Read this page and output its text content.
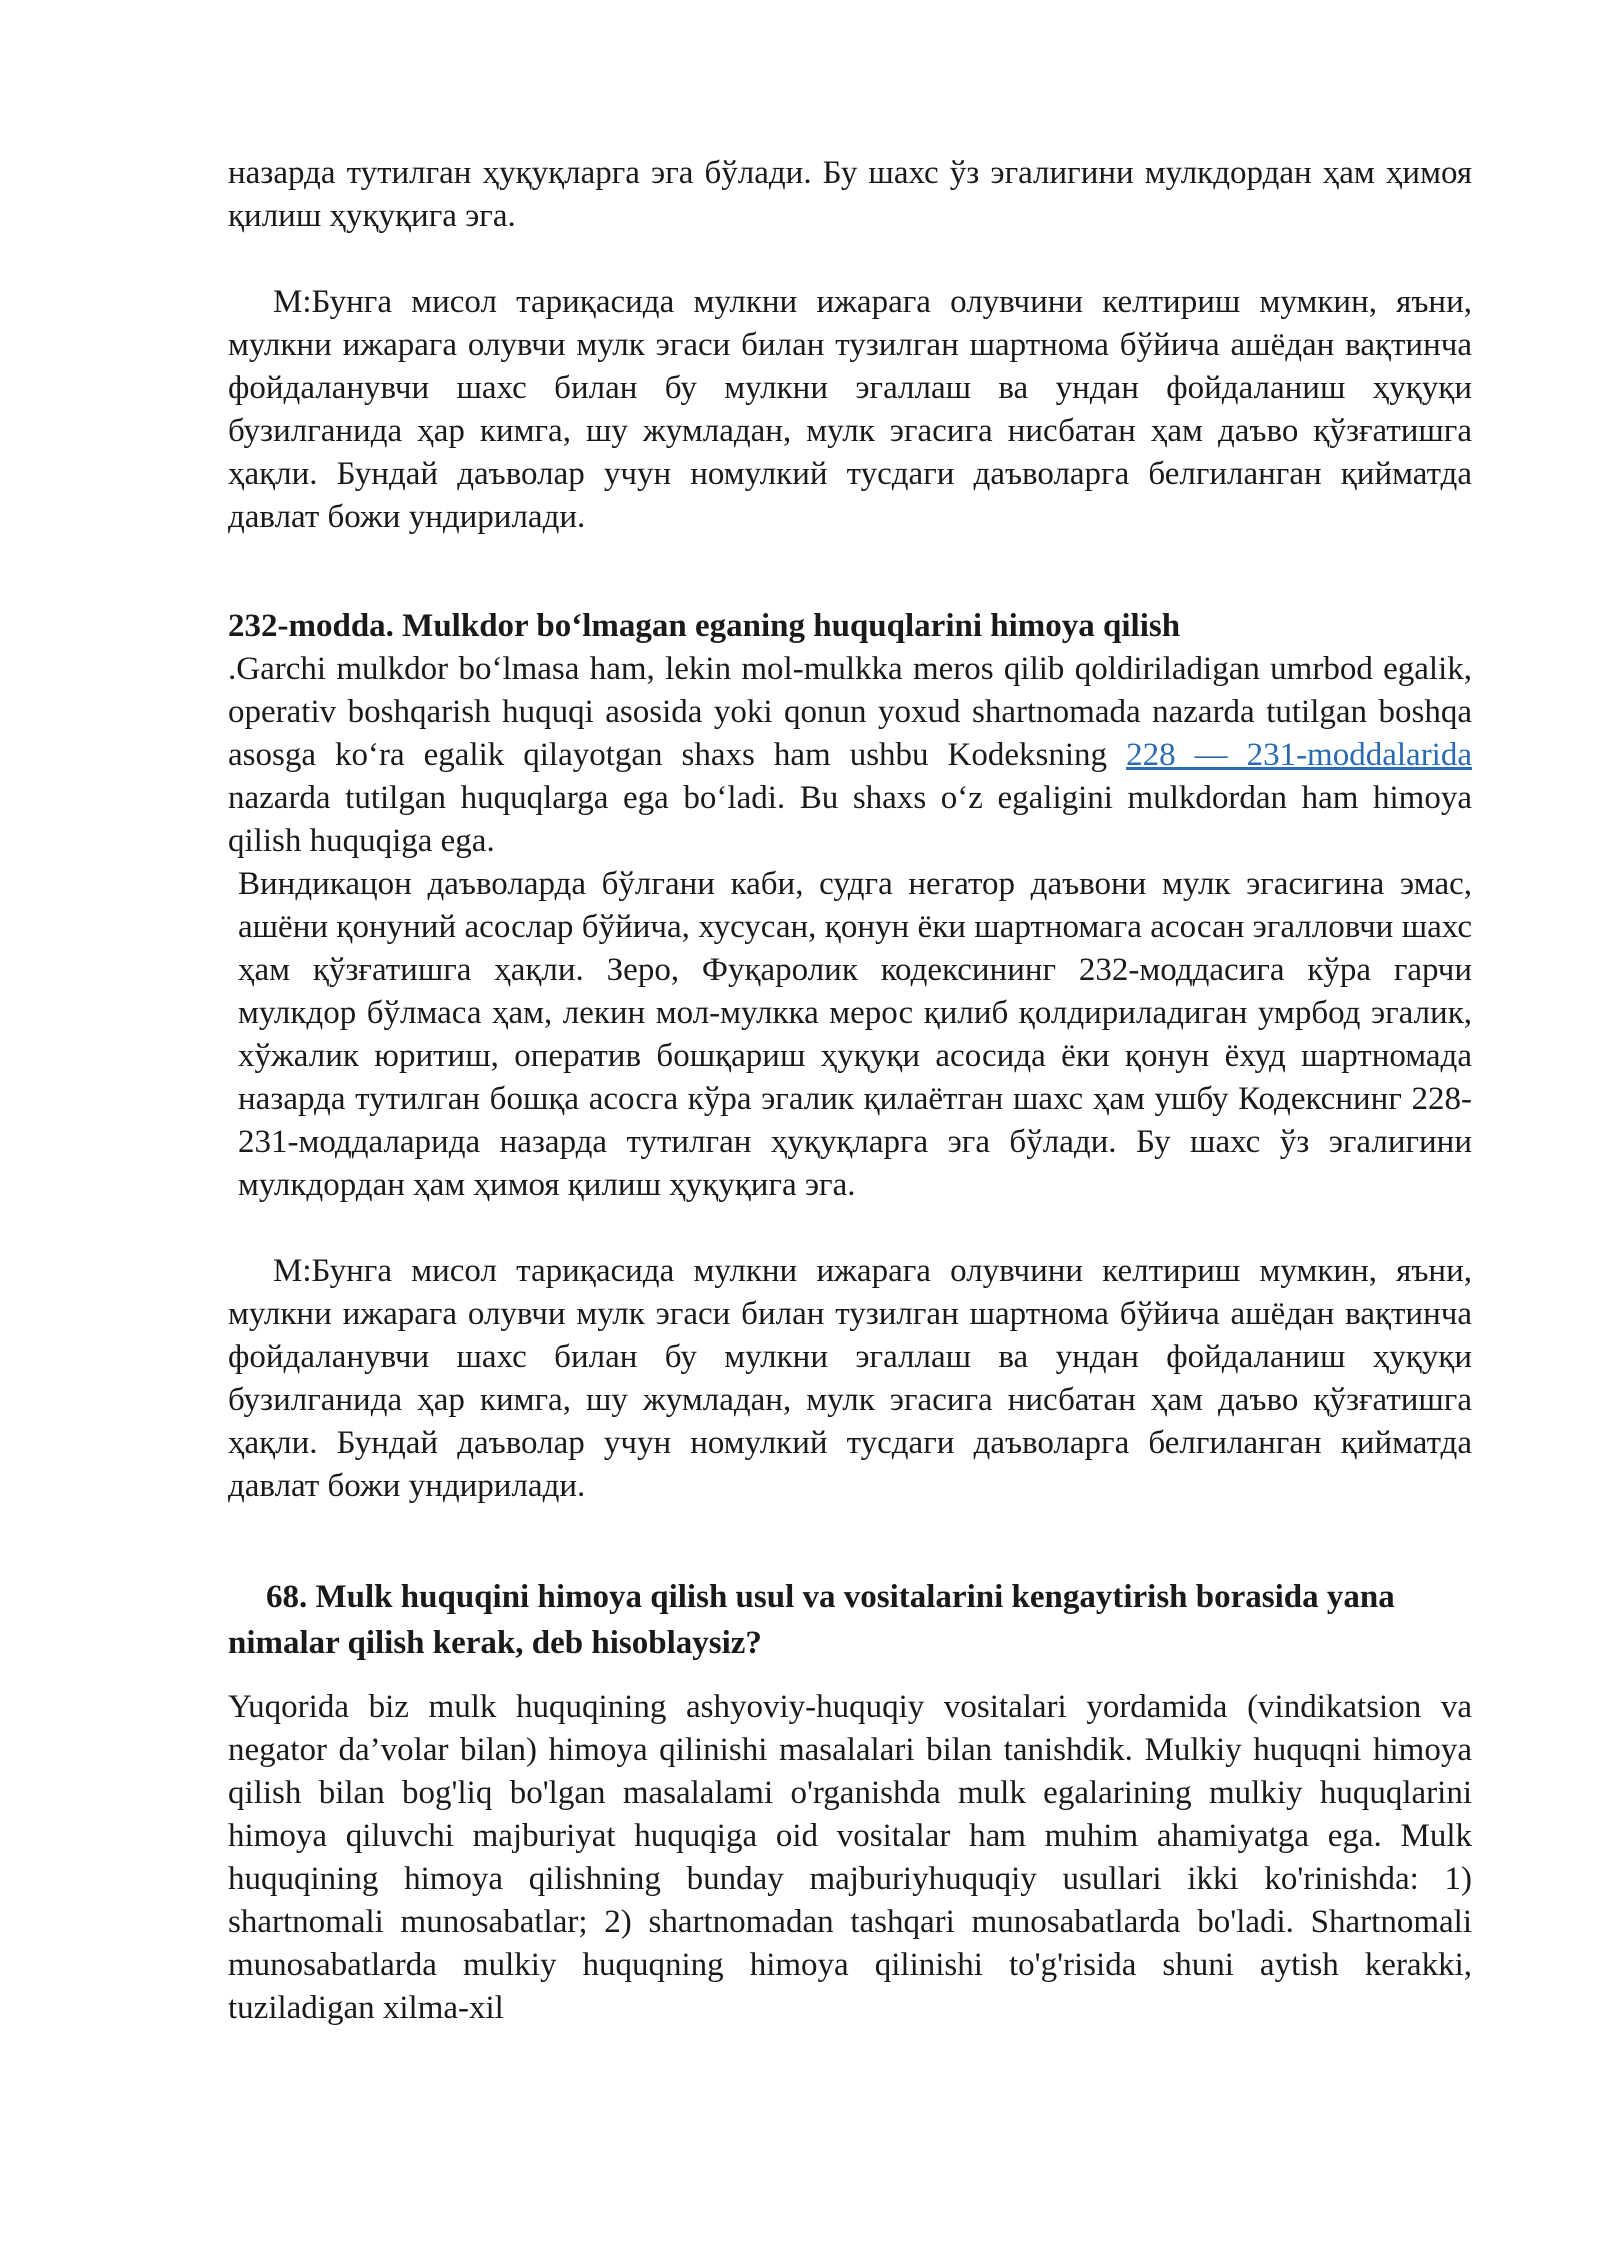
назарда тутилган ҳуқуқларга эга бўлади. Бу шахс ўз эгалигини мулкдордан ҳам ҳимоя қилиш ҳуқуқига эга.

М:Бунга мисол тариқасида мулкни ижарага олувчини келтириш мумкин, яъни, мулкни ижарага олувчи мулк эгаси билан тузилган шартнома бўйича ашёдан вақтинча фойдаланувчи шахс билан бу мулкни эгаллаш ва ундан фойдаланиш ҳуқуқи бузилганида ҳар кимга, шу жумладан, мулк эгасига нисбатан ҳам даъво қўзғатишга ҳақли. Бундай даъволар учун номулкий тусдаги даъволарга белгиланган қийматда давлат божи ундирилади.

232-modda. Mulkdor bo‘lmagan eganing huquqlarini himoya qilish

.Garchi mulkdor bo‘lmasa ham, lekin mol-mulkka meros qilib qoldiriladigan umrbod egalik, operativ boshqarish huquqi asosida yoki qonun yoxud shartnomada nazarda tutilgan boshqa asosga ko‘ra egalik qilayotgan shaxs ham ushbu Kodeksning 228 — 231-moddalarida nazarda tutilgan huquqlarga ega bo‘ladi. Bu shaxs o‘z egaligini mulkdordan ham himoya qilish huquqiga ega.

Виндикацон даъволарда бўлгани каби, судга негатор даъвони мулк эгасигина эмас, ашёни қонуний асослар бўйича, хусусан, қонун ёки шартномага асосан эгалловчи шахс ҳам қўзғатишга ҳақли. Зеро, Фуқаролик кодексининг 232-моддасига кўра гарчи мулкдор бўлмаса ҳам, лекин мол-мулкка мерос қилиб қолдириладиган умрбод эгалик, хўжалик юритиш, оператив бошқариш ҳуқуқи асосида ёки қонун ёхуд шартномада назарда тутилган бошқа асосга кўра эгалик қилаётган шахс ҳам ушбу Кодекснинг 228-231-моддаларида назарда тутилган ҳуқуқларга эга бўлади. Бу шахс ўз эгалигини мулкдордан ҳам ҳимоя қилиш ҳуқуқига эга.

М:Бунга мисол тариқасида мулкни ижарага олувчини келтириш мумкин, яъни, мулкни ижарага олувчи мулк эгаси билан тузилган шартнома бўйича ашёдан вақтинча фойдаланувчи шахс билан бу мулкни эгаллаш ва ундан фойдаланиш ҳуқуқи бузилганида ҳар кимга, шу жумладан, мулк эгасига нисбатан ҳам даъво қўзғатишга ҳақли. Бундай даъволар учун номулкий тусдаги даъволарга белгиланган қийматда давлат божи ундирилади.

68. Mulk huquqini himoya qilish usul va vositalarini kengaytirish borasida yana nimalar qilish kerak, deb hisoblaysiz?

Yuqorida biz mulk huquqining ashyoviy-huquqiy vositalari yordamida (vindikatsion va negator da’volar bilan) himoya qilinishi masalalari bilan tanishdik. Mulkiy huquqni himoya qilish bilan bog'liq bo'lgan masalalami o'rganishda mulk egalarining mulkiy huquqlarini himoya qiluvchi majburiyat huquqiga oid vositalar ham muhim ahamiyatga ega. Mulk huquqining himoya qilishning bunday majburiyhuquqiy usullari ikki ko'rinishda: 1) shartnomali munosabatlar; 2) shartnomadan tashqari munosabatlarda bo'ladi. Shartnomali munosabatlarda mulkiy huquqning himoya qilinishi to'g'risida shuni aytish kerakki, tuziladigan xilma-xil
